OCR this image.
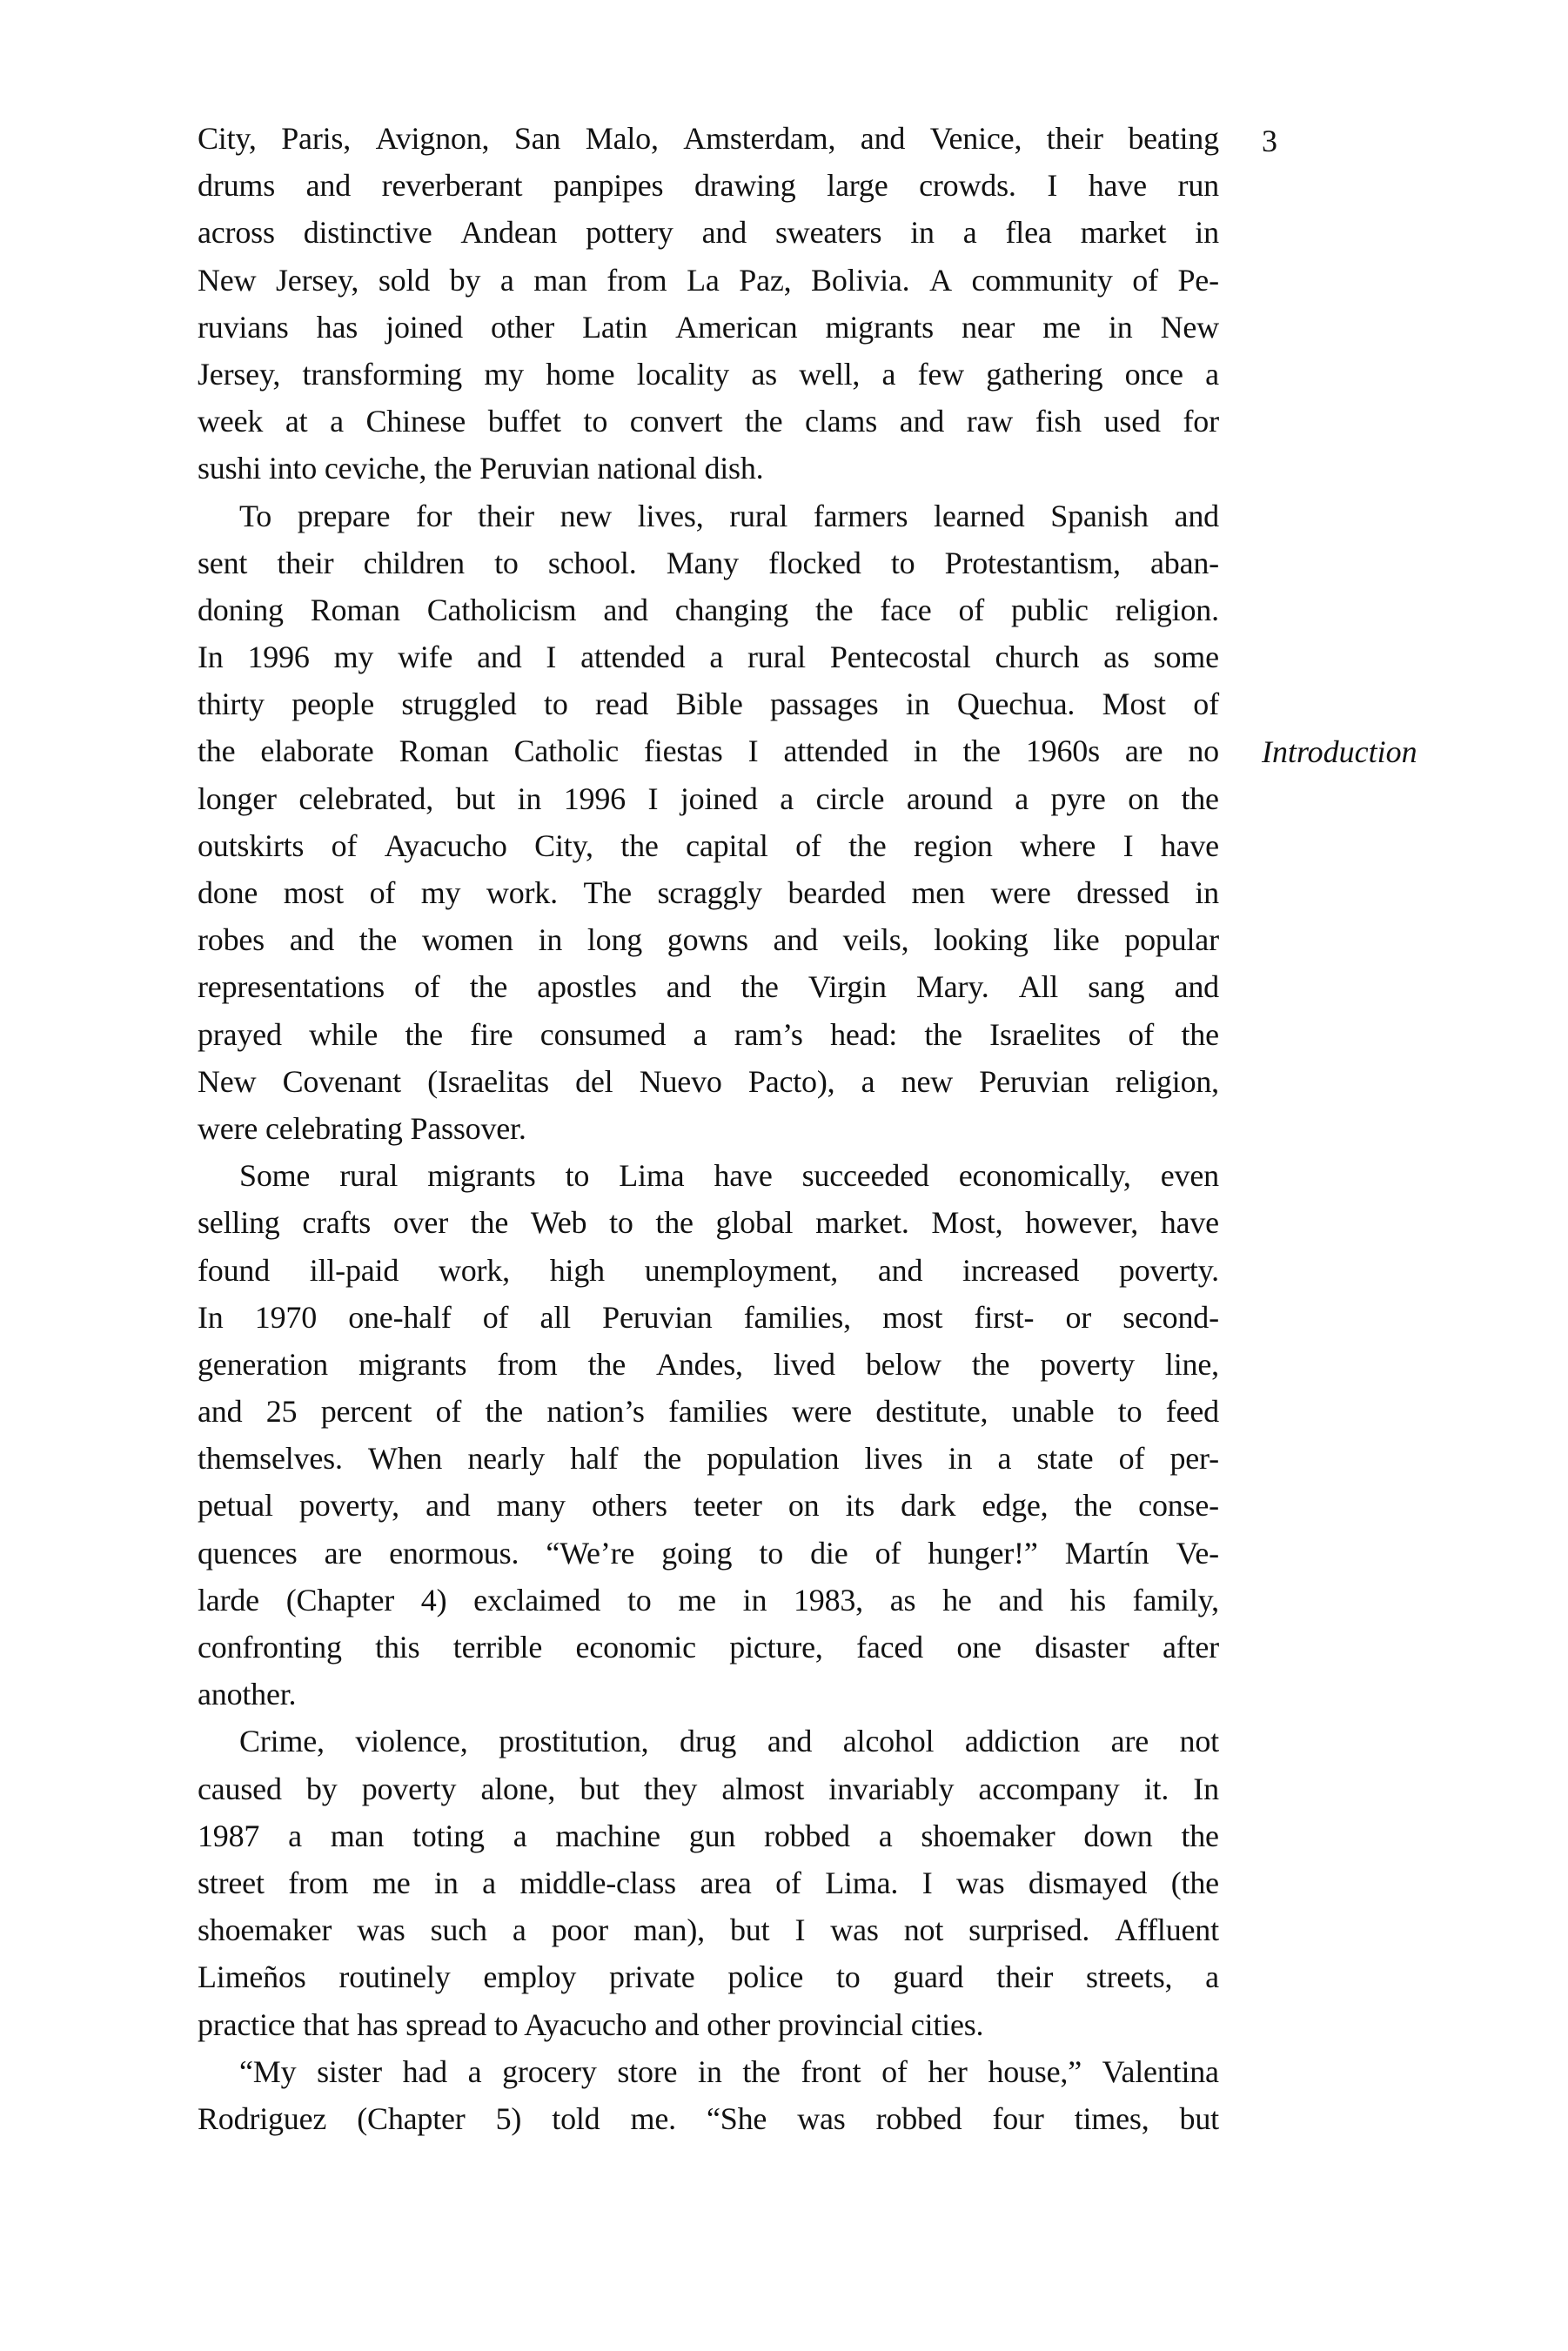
3
Introduction
City, Paris, Avignon, San Malo, Amsterdam, and Venice, their beating
drums and reverberant panpipes drawing large crowds. I have run
across distinctive Andean pottery and sweaters in a flea market in
New Jersey, sold by a man from La Paz, Bolivia. A community of Pe-
ruvians has joined other Latin American migrants near me in New
Jersey, transforming my home locality as well, a few gathering once a
week at a Chinese buffet to convert the clams and raw fish used for
sushi into ceviche, the Peruvian national dish.
To prepare for their new lives, rural farmers learned Spanish and
sent their children to school. Many flocked to Protestantism, aban-
doning Roman Catholicism and changing the face of public religion.
In 1996 my wife and I attended a rural Pentecostal church as some
thirty people struggled to read Bible passages in Quechua. Most of
the elaborate Roman Catholic fiestas I attended in the 1960s are no
longer celebrated, but in 1996 I joined a circle around a pyre on the
outskirts of Ayacucho City, the capital of the region where I have
done most of my work. The scraggly bearded men were dressed in
robes and the women in long gowns and veils, looking like popular
representations of the apostles and the Virgin Mary. All sang and
prayed while the fire consumed a ram’s head: the Israelites of the
New Covenant (Israelitas del Nuevo Pacto), a new Peruvian religion,
were celebrating Passover.
Some rural migrants to Lima have succeeded economically, even
selling crafts over the Web to the global market. Most, however, have
found ill-paid work, high unemployment, and increased poverty.
In 1970 one-half of all Peruvian families, most first- or second-
generation migrants from the Andes, lived below the poverty line,
and 25 percent of the nation’s families were destitute, unable to feed
themselves. When nearly half the population lives in a state of per-
petual poverty, and many others teeter on its dark edge, the conse-
quences are enormous. “We’re going to die of hunger!” Martín Ve-
larde (Chapter 4) exclaimed to me in 1983, as he and his family,
confronting this terrible economic picture, faced one disaster after
another.
Crime, violence, prostitution, drug and alcohol addiction are not
caused by poverty alone, but they almost invariably accompany it. In
1987 a man toting a machine gun robbed a shoemaker down the
street from me in a middle-class area of Lima. I was dismayed (the
shoemaker was such a poor man), but I was not surprised. Affluent
Limeños routinely employ private police to guard their streets, a
practice that has spread to Ayacucho and other provincial cities.
“My sister had a grocery store in the front of her house,” Valentina
Rodriguez (Chapter 5) told me. “She was robbed four times, but
